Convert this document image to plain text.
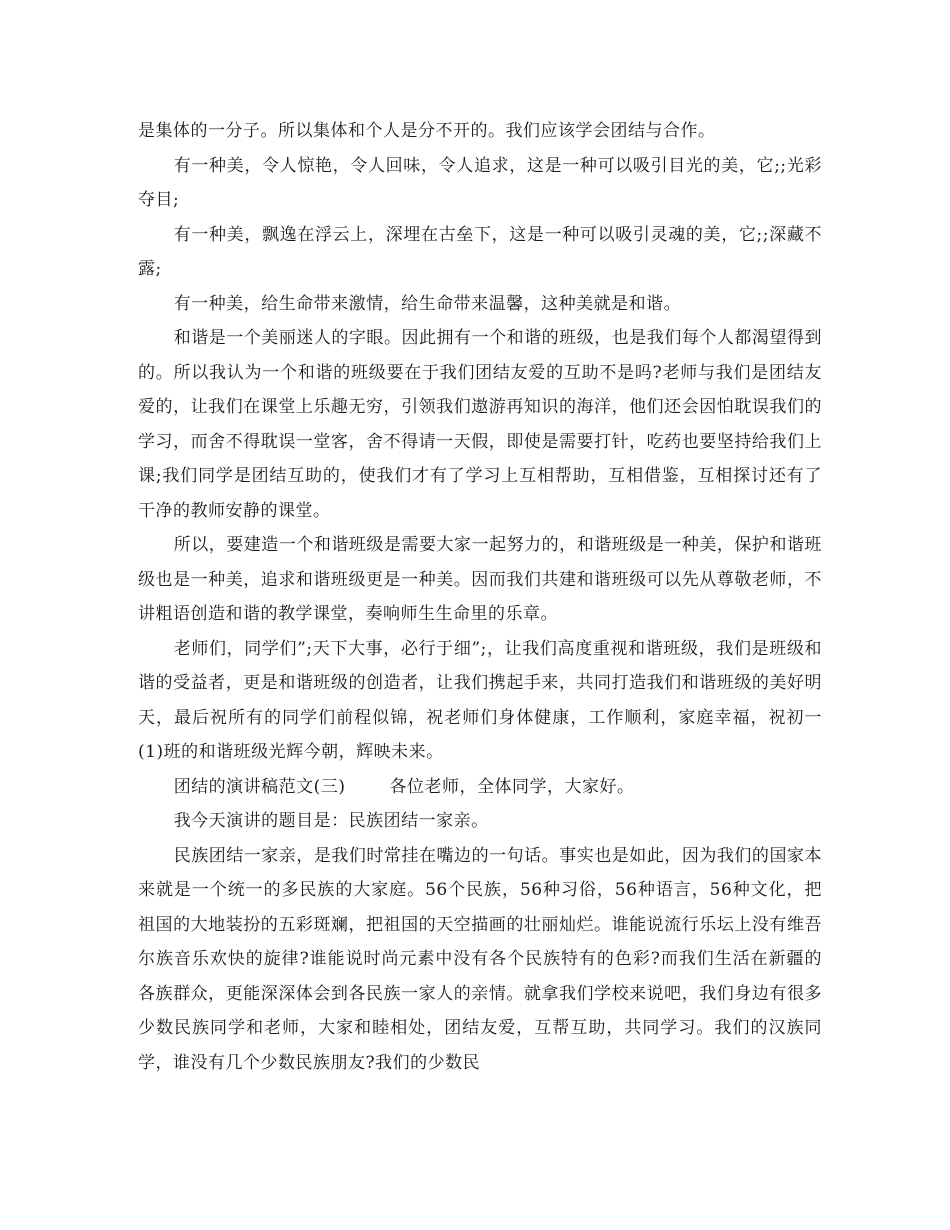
是集体的一分子。所以集体和个人是分不开的。我们应该学会团结与合作。

有一种美，令人惊艳，令人回味，令人追求，这是一种可以吸引目光的美，它;;光彩夺目;

有一种美，飘逸在浮云上，深埋在古垒下，这是一种可以吸引灵魂的美，它;;深藏不露;

有一种美，给生命带来激情，给生命带来温馨，这种美就是和谐。

和谐是一个美丽迷人的字眼。因此拥有一个和谐的班级，也是我们每个人都渴望得到的。所以我认为一个和谐的班级要在于我们团结友爱的互助不是吗?老师与我们是团结友爱的，让我们在课堂上乐趣无穷，引领我们遨游再知识的海洋，他们还会因怕耽误我们的学习，而舍不得耽误一堂客，舍不得请一天假，即使是需要打针，吃药也要坚持给我们上课;我们同学是团结互助的，使我们才有了学习上互相帮助，互相借鉴，互相探讨还有了干净的教师安静的课堂。

所以，要建造一个和谐班级是需要大家一起努力的，和谐班级是一种美，保护和谐班级也是一种美，追求和谐班级更是一种美。因而我们共建和谐班级可以先从尊敬老师，不讲粗语创造和谐的教学课堂，奏响师生生命里的乐章。

老师们，同学们”;天下大事，必行于细”;，让我们高度重视和谐班级，我们是班级和谐的受益者，更是和谐班级的创造者，让我们携起手来，共同打造我们和谐班级的美好明天，最后祝所有的同学们前程似锦，祝老师们身体健康，工作顺利，家庭幸福，祝初一(1)班的和谐班级光辉今朝，辉映未来。

团结的演讲稿范文(三)	各位老师，全体同学，大家好。

我今天演讲的题目是：民族团结一家亲。

民族团结一家亲，是我们时常挂在嘴边的一句话。事实也是如此，因为我们的国家本来就是一个统一的多民族的大家庭。56个民族，56种习俗，56种语言，56种文化，把祖国的大地装扮的五彩斑斓，把祖国的天空描画的壮丽灿烂。谁能说流行乐坛上没有维吾尔族音乐欢快的旋律?谁能说时尚元素中没有各个民族特有的色彩?而我们生活在新疆的各族群众，更能深深体会到各民族一家人的亲情。就拿我们学校来说吧，我们身边有很多少数民族同学和老师，大家和睦相处，团结友爱，互帮互助，共同学习。我们的汉族同学，谁没有几个少数民族朋友?我们的少数民
